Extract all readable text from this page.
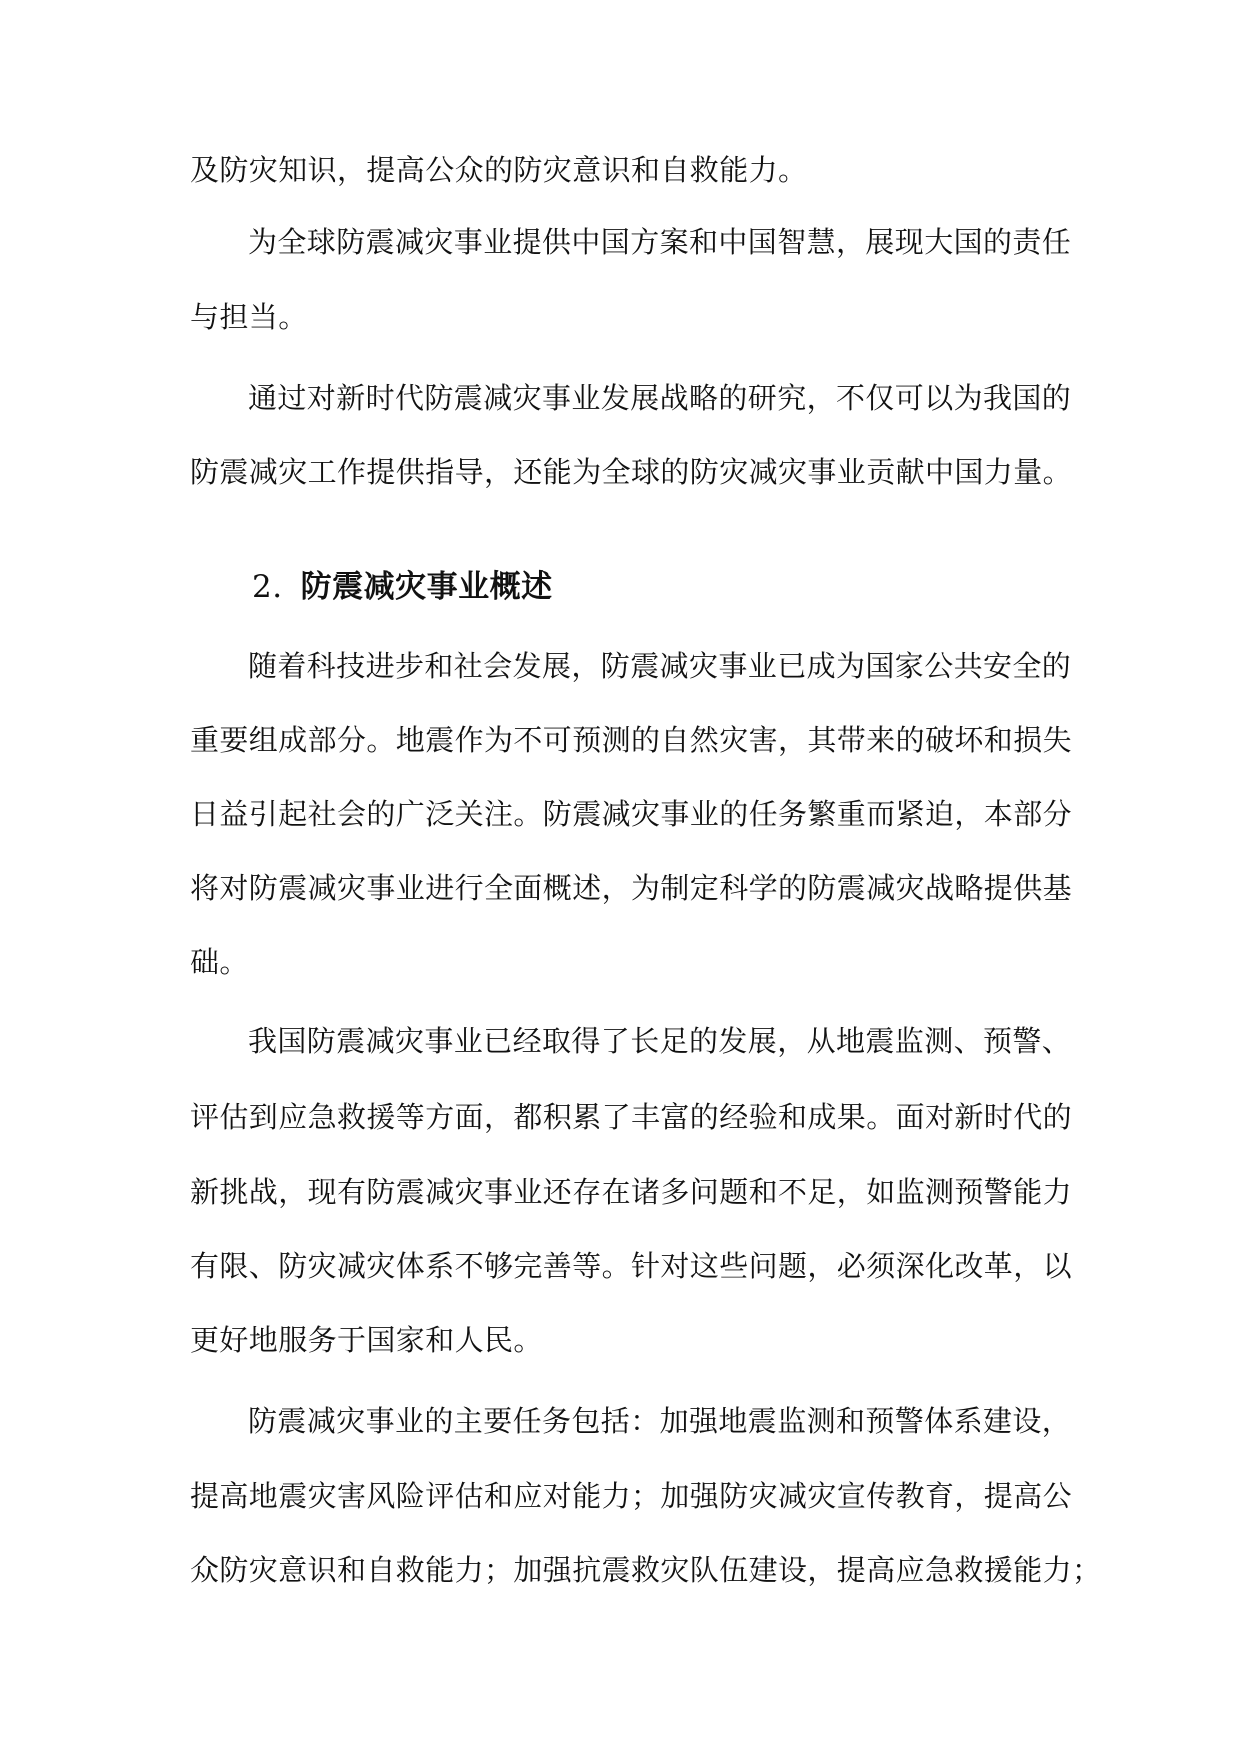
及防灾知识，提高公众的防灾意识和自救能力。
为全球防震减灾事业提供中国方案和中国智慧，展现大国的责任
与担当。
通过对新时代防震减灾事业发展战略的研究，不仅可以为我国的
防震减灾工作提供指导，还能为全球的防灾减灾事业贡献中国力量。
2. 防震减灾事业概述
随着科技进步和社会发展，防震减灾事业已成为国家公共安全的
重要组成部分。地震作为不可预测的自然灾害，其带来的破坏和损失
日益引起社会的广泛关注。防震减灾事业的任务繁重而紧迫，本部分
将对防震减灾事业进行全面概述，为制定科学的防震减灾战略提供基
础。
我国防震减灾事业已经取得了长足的发展，从地震监测、预警、
评估到应急救援等方面，都积累了丰富的经验和成果。面对新时代的
新挑战，现有防震减灾事业还存在诸多问题和不足，如监测预警能力
有限、防灾减灾体系不够完善等。针对这些问题，必须深化改革，以
更好地服务于国家和人民。
防震减灾事业的主要任务包括：加强地震监测和预警体系建设，
提高地震灾害风险评估和应对能力；加强防灾减灾宣传教育，提高公
众防灾意识和自救能力；加强抗震救灾队伍建设，提高应急救援能力；
